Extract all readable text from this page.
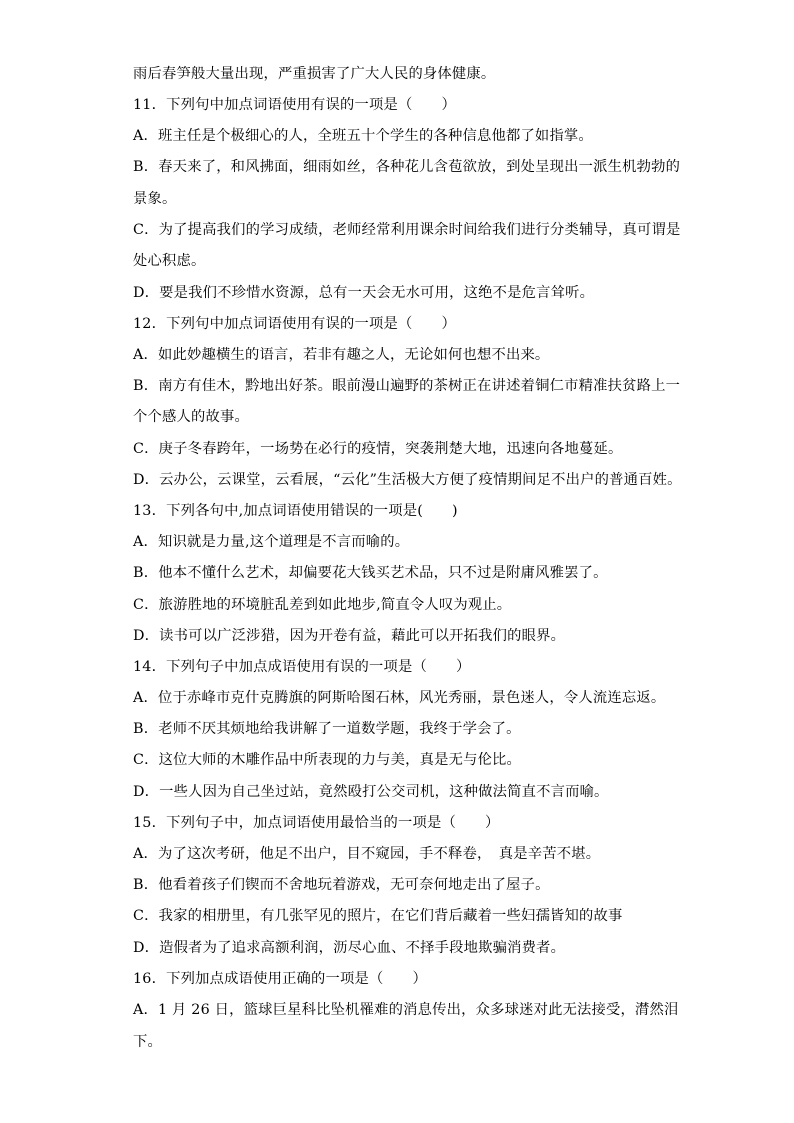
雨后春笋般大量出现，严重损害了广大人民的身体健康。
11．下列句中加点词语使用有误的一项是（　　）
A．班主任是个极细心的人，全班五十个学生的各种信息他都了如指掌。
B．春天来了，和风拂面，细雨如丝，各种花儿含苞欲放，到处呈现出一派生机勃勃的
景象。
C．为了提高我们的学习成绩，老师经常利用课余时间给我们进行分类辅导，真可谓是
处心积虑。
D．要是我们不珍惜水资源，总有一天会无水可用，这绝不是危言耸听。
12．下列句中加点词语使用有误的一项是（　　）
A．如此妙趣横生的语言，若非有趣之人，无论如何也想不出来。
B．南方有佳木，黔地出好茶。眼前漫山遍野的茶树正在讲述着铜仁市精准扶贫路上一
个个感人的故事。
C．庚子冬春跨年，一场势在必行的疫情，突袭荆楚大地，迅速向各地蔓延。
D．云办公，云课堂，云看展，“云化”生活极大方便了疫情期间足不出户的普通百姓。
13．下列各句中,加点词语使用错误的一项是(　　)
A．知识就是力量,这个道理是不言而喻的。
B．他本不懂什么艺术，却偏要花大钱买艺术品，只不过是附庸风雅罢了。
C．旅游胜地的环境脏乱差到如此地步,简直令人叹为观止。
D．读书可以广泛涉猎，因为开卷有益，藉此可以开拓我们的眼界。
14．下列句子中加点成语使用有误的一项是（　　）
A．位于赤峰市克什克腾旗的阿斯哈图石林，风光秀丽，景色迷人，令人流连忘返。
B．老师不厌其烦地给我讲解了一道数学题，我终于学会了。
C．这位大师的木雕作品中所表现的力与美，真是无与伦比。
D．一些人因为自己坐过站，竟然殴打公交司机，这种做法简直不言而喻。
15．下列句子中，加点词语使用最恰当的一项是（　　）
A．为了这次考研，他足不出户，目不窥园，手不释卷，　真是辛苦不堪。
B．他看着孩子们锲而不舍地玩着游戏，无可奈何地走出了屋子。
C．我家的相册里，有几张罕见的照片，在它们背后藏着一些妇孺皆知的故事
D．造假者为了追求高额利润，沥尽心血、不择手段地欺骗消费者。
16．下列加点成语使用正确的一项是（　　）
A．1 月 26 日，篮球巨星科比坠机罹难的消息传出，众多球迷对此无法接受，潸然泪
下。
